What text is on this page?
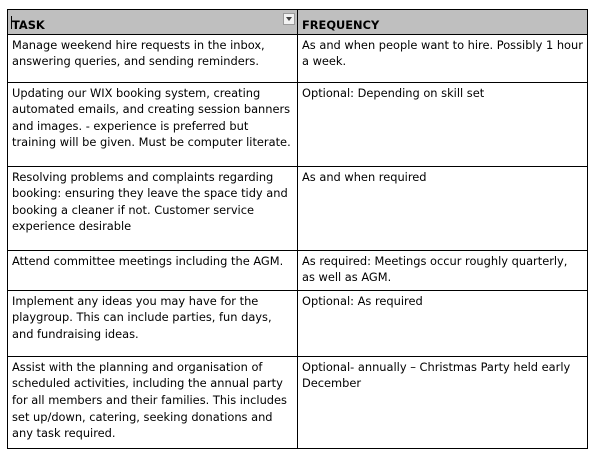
TASK	FREQUENCY
Manage weekend hire requests in the inbox, answering queries, and sending reminders.	As and when people want to hire. Possibly 1 hour a week.
Updating our WIX booking system, creating automated emails, and creating session banners and images. - experience is preferred but training will be given. Must be computer literate.	Optional: Depending on skill set
Resolving problems and complaints regarding booking: ensuring they leave the space tidy and booking a cleaner if not. Customer service experience desirable	As and when required
Attend committee meetings including the AGM.	As required: Meetings occur roughly quarterly, as well as AGM.
Implement any ideas you may have for the playgroup. This can include parties, fun days, and fundraising ideas.	Optional: As required
Assist with the planning and organisation of scheduled activities, including the annual party for all members and their families. This includes set up/down, catering, seeking donations and any task required.	Optional- annually – Christmas Party held early December
